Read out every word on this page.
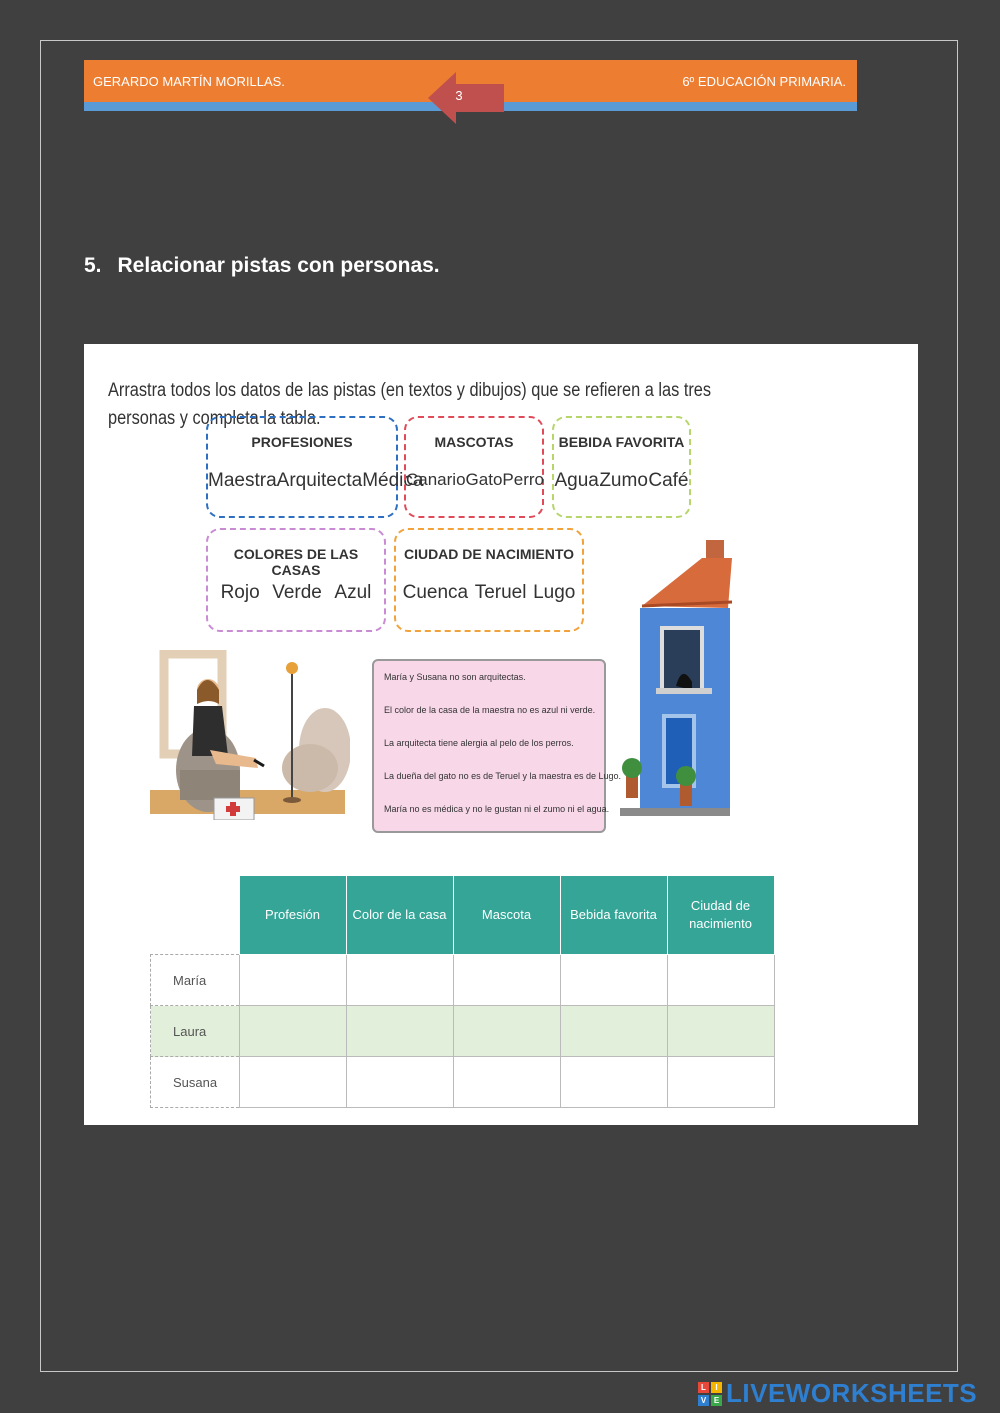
GERARDO MARTÍN MORILLAS.	6º EDUCACIÓN PRIMARIA.
3
5. Relacionar pistas con personas.
Arrastra todos los datos de las pistas (en textos y dibujos) que se refieren a las tres personas y completa la tabla.
PROFESIONES
Maestra Arquitecta Médica
MASCOTAS
Canario Gato Perro
BEBIDA FAVORITA
Agua Zumo Café
COLORES DE LAS CASAS
Rojo Verde Azul
CIUDAD DE NACIMIENTO
Cuenca Teruel Lugo

María y Susana no son arquitectas.

El color de la casa de la maestra no es azul ni verde.

La arquitecta tiene alergia al pelo de los perros.

La dueña del gato no es de Teruel y la maestra es de Lugo.

María no es médica y no le gustan ni el zumo ni el agua.

	Profesión	Color de la casa	Mascota	Bebida favorita	Ciudad de nacimiento
María					
Laura					
Susana					
L	I
V E LIVEWORKSHEETS
